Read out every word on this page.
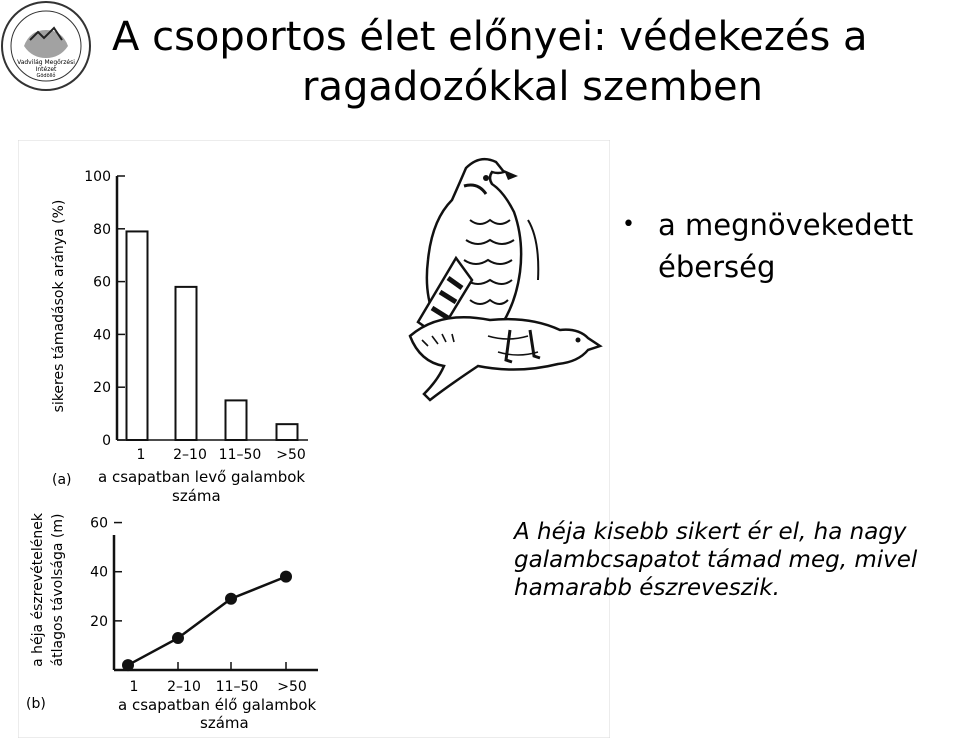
Vadvilág Megőrzési
Intézet
Gödöllő
A csoportos élet előnyei: védekezés a
ragadozókkal szemben
0
20
40
60
80
100
1 2–10 11–50 >50
20
40
60
1 2–10 11–50 >50
(a) a csapatban levő galambok
száma
sikeres támadások aránya (%)
(b)	a csapatban élő galambok
száma
a héja észrevételének átlagos távolsága (m)
• a megnövekedett
éberség
A héja kisebb sikert ér el, ha nagy
galambcsapatot támad meg, mivel
hamarabb észreveszik.
